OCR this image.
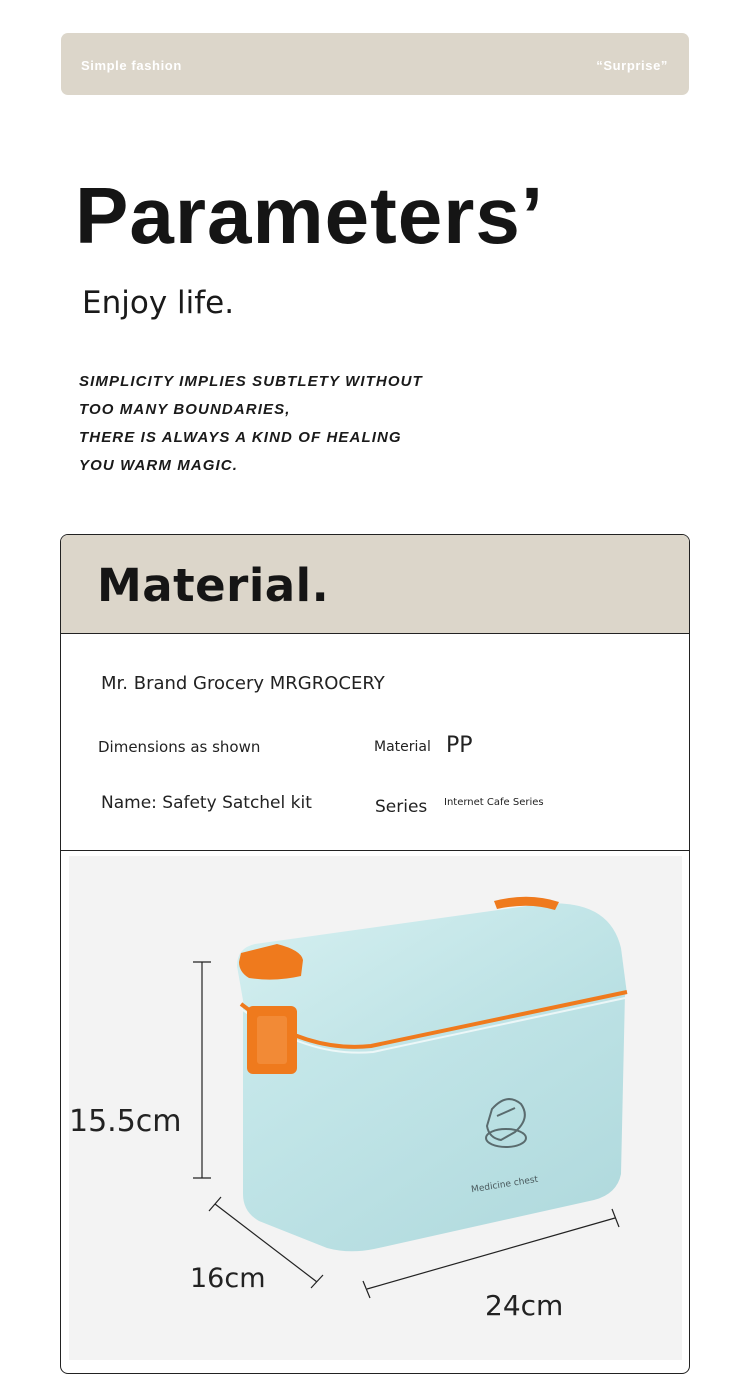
Simple fashion	“Surprise”
Parameters’
Enjoy life.
SIMPLICITY IMPLIES SUBTLETY WITHOUT
TOO MANY BOUNDARIES,
THERE IS ALWAYS A KIND OF HEALING
YOU WARM MAGIC.
Material.
Mr. Brand Grocery MRGROCERY
Dimensions as shown	Material PP
Name: Safety Satchel kit	Series Internet Cafe Series
Medicine chest
15.5cm
16cm
24cm
